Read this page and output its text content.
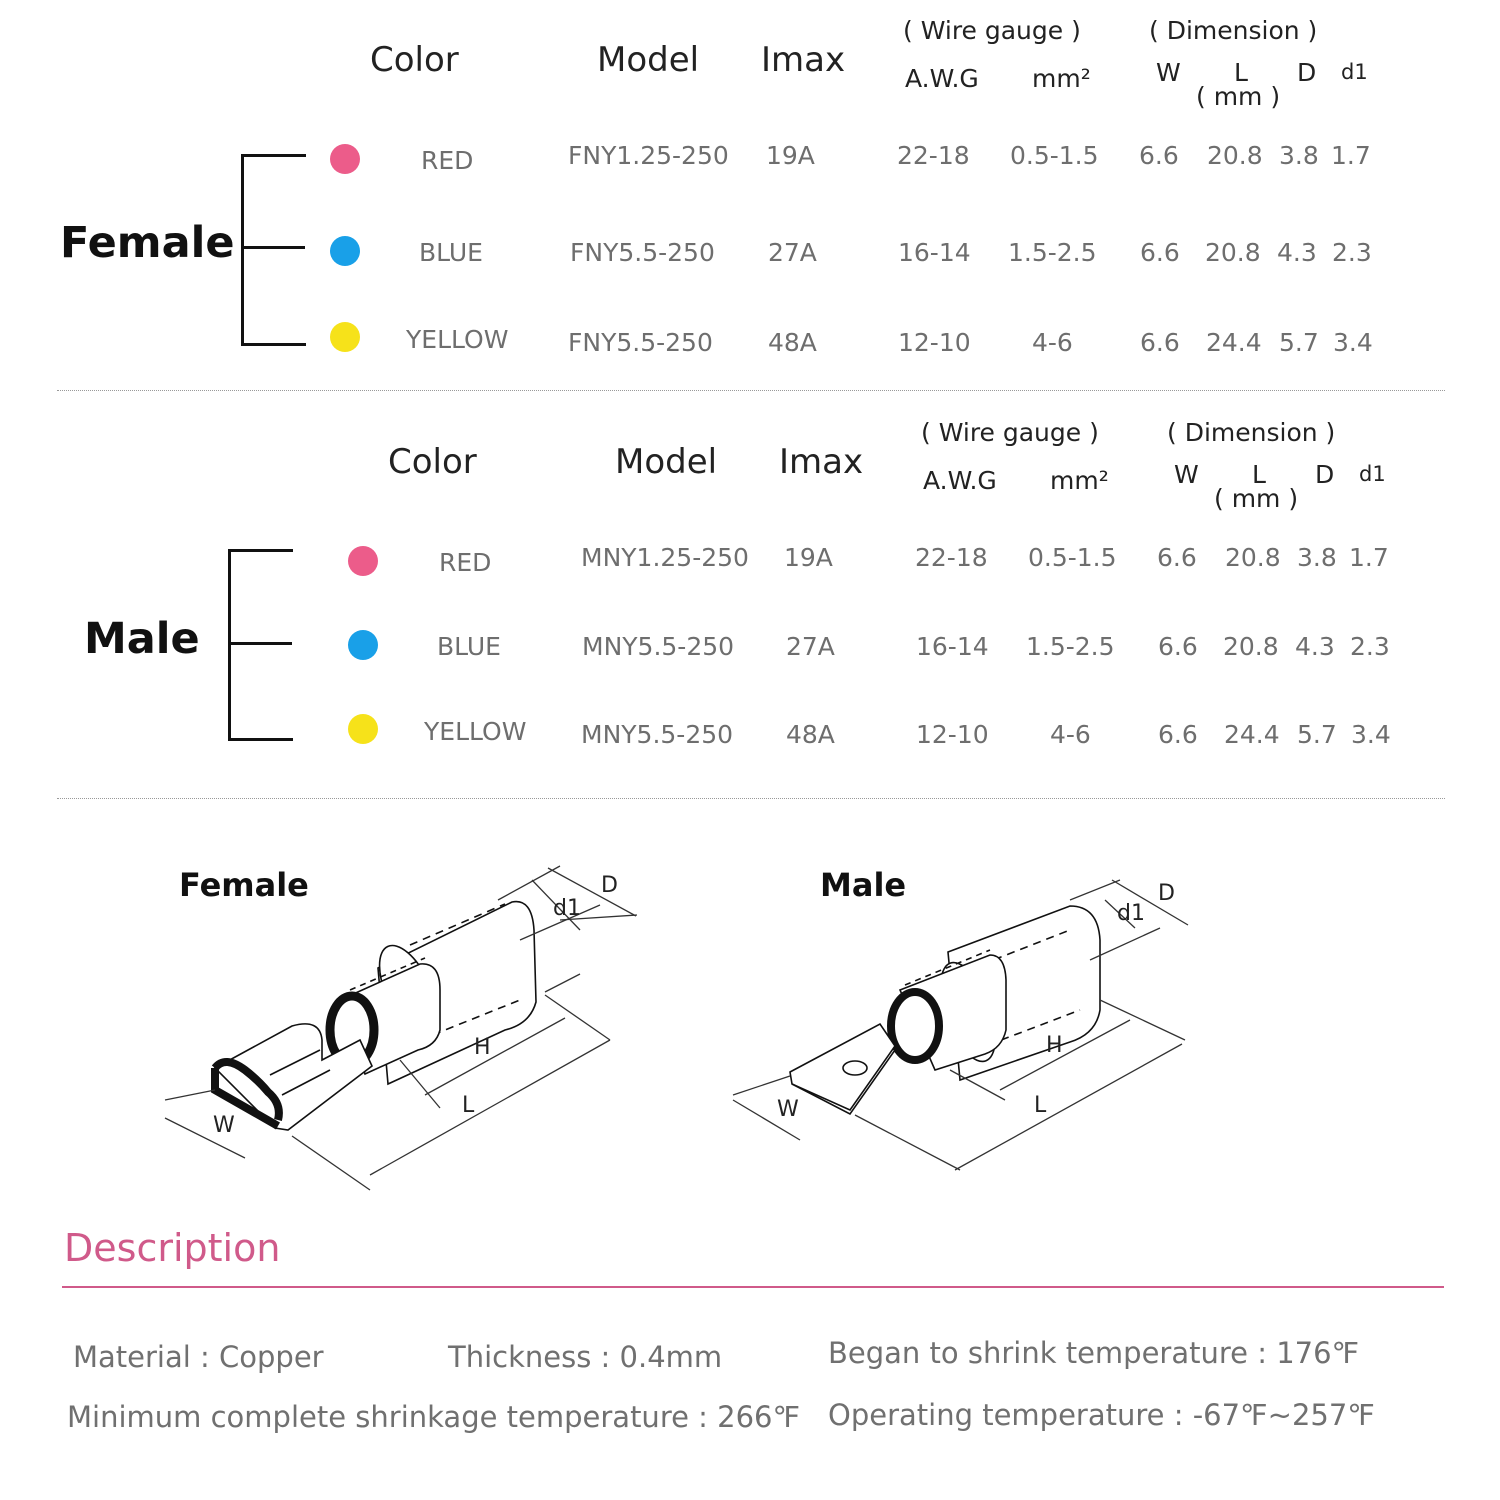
Color	Model Imax
( Wire gauge )
A.W.G mm²
( Dimension )
W L
( mm )
D d1
Female
RED	FNY1.25-250 19A	22-18 0.5-1.5 6.6 20.8 3.8 1.7
BLUE	FNY5.5-250 27A	16-14 1.5-2.5 6.6 20.8 4.3 2.3
YELLOW FNY5.5-250 48A	12-10 4-6	6.6 24.4 5.7 3.4
Color	Model Imax
( Wire gauge )
A.W.G mm²
( Dimension )
W L
( mm )
D d1
Male
RED	MNY1.25-250 19A	22-18 0.5-1.5 6.6 20.8 3.8 1.7
BLUE	MNY5.5-250 27A	16-14 1.5-2.5 6.6 20.8 4.3 2.3
YELLOW MNY5.5-250 48A	12-10 4-6	6.6 24.4 5.7 3.4
Female	Male
D
d1
H
L
W
D
d1
H
L
W
Description
Material : Copper	Thickness : 0.4mm	Began to shrink temperature : 176℉
Minimum complete shrinkage temperature : 266℉ Operating temperature : -67℉~257℉
